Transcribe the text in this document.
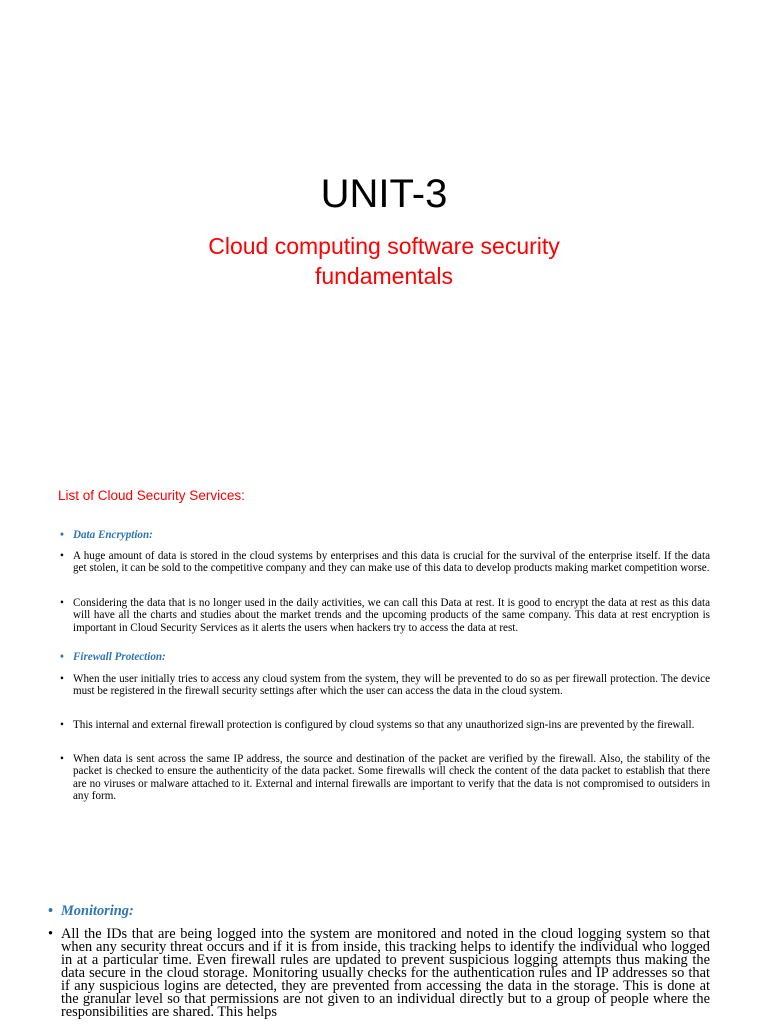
UNIT-3
Cloud computing software security fundamentals
List of Cloud Security Services:
• Data Encryption:
• A huge amount of data is stored in the cloud systems by enterprises and this data is crucial for the survival of the enterprise itself. If the data get stolen, it can be sold to the competitive company and they can make use of this data to develop products making market competition worse.
• Considering the data that is no longer used in the daily activities, we can call this Data at rest. It is good to encrypt the data at rest as this data will have all the charts and studies about the market trends and the upcoming products of the same company. This data at rest encryption is important in Cloud Security Services as it alerts the users when hackers try to access the data at rest.
• Firewall Protection:
• When the user initially tries to access any cloud system from the system, they will be prevented to do so as per firewall protection. The device must be registered in the firewall security settings after which the user can access the data in the cloud system.
• This internal and external firewall protection is configured by cloud systems so that any unauthorized sign-ins are prevented by the firewall.
• When data is sent across the same IP address, the source and destination of the packet are verified by the firewall. Also, the stability of the packet is checked to ensure the authenticity of the data packet. Some firewalls will check the content of the data packet to establish that there are no viruses or malware attached to it. External and internal firewalls are important to verify that the data is not compromised to outsiders in any form.
• Monitoring:
• All the IDs that are being logged into the system are monitored and noted in the cloud logging system so that when any security threat occurs and if it is from inside, this tracking helps to identify the individual who logged in at a particular time. Even firewall rules are updated to prevent suspicious logging attempts thus making the data secure in the cloud storage. Monitoring usually checks for the authentication rules and IP addresses so that if any suspicious logins are detected, they are prevented from accessing the data in the storage. This is done at the granular level so that permissions are not given to an individual directly but to a group of people where the responsibilities are shared. This helps
